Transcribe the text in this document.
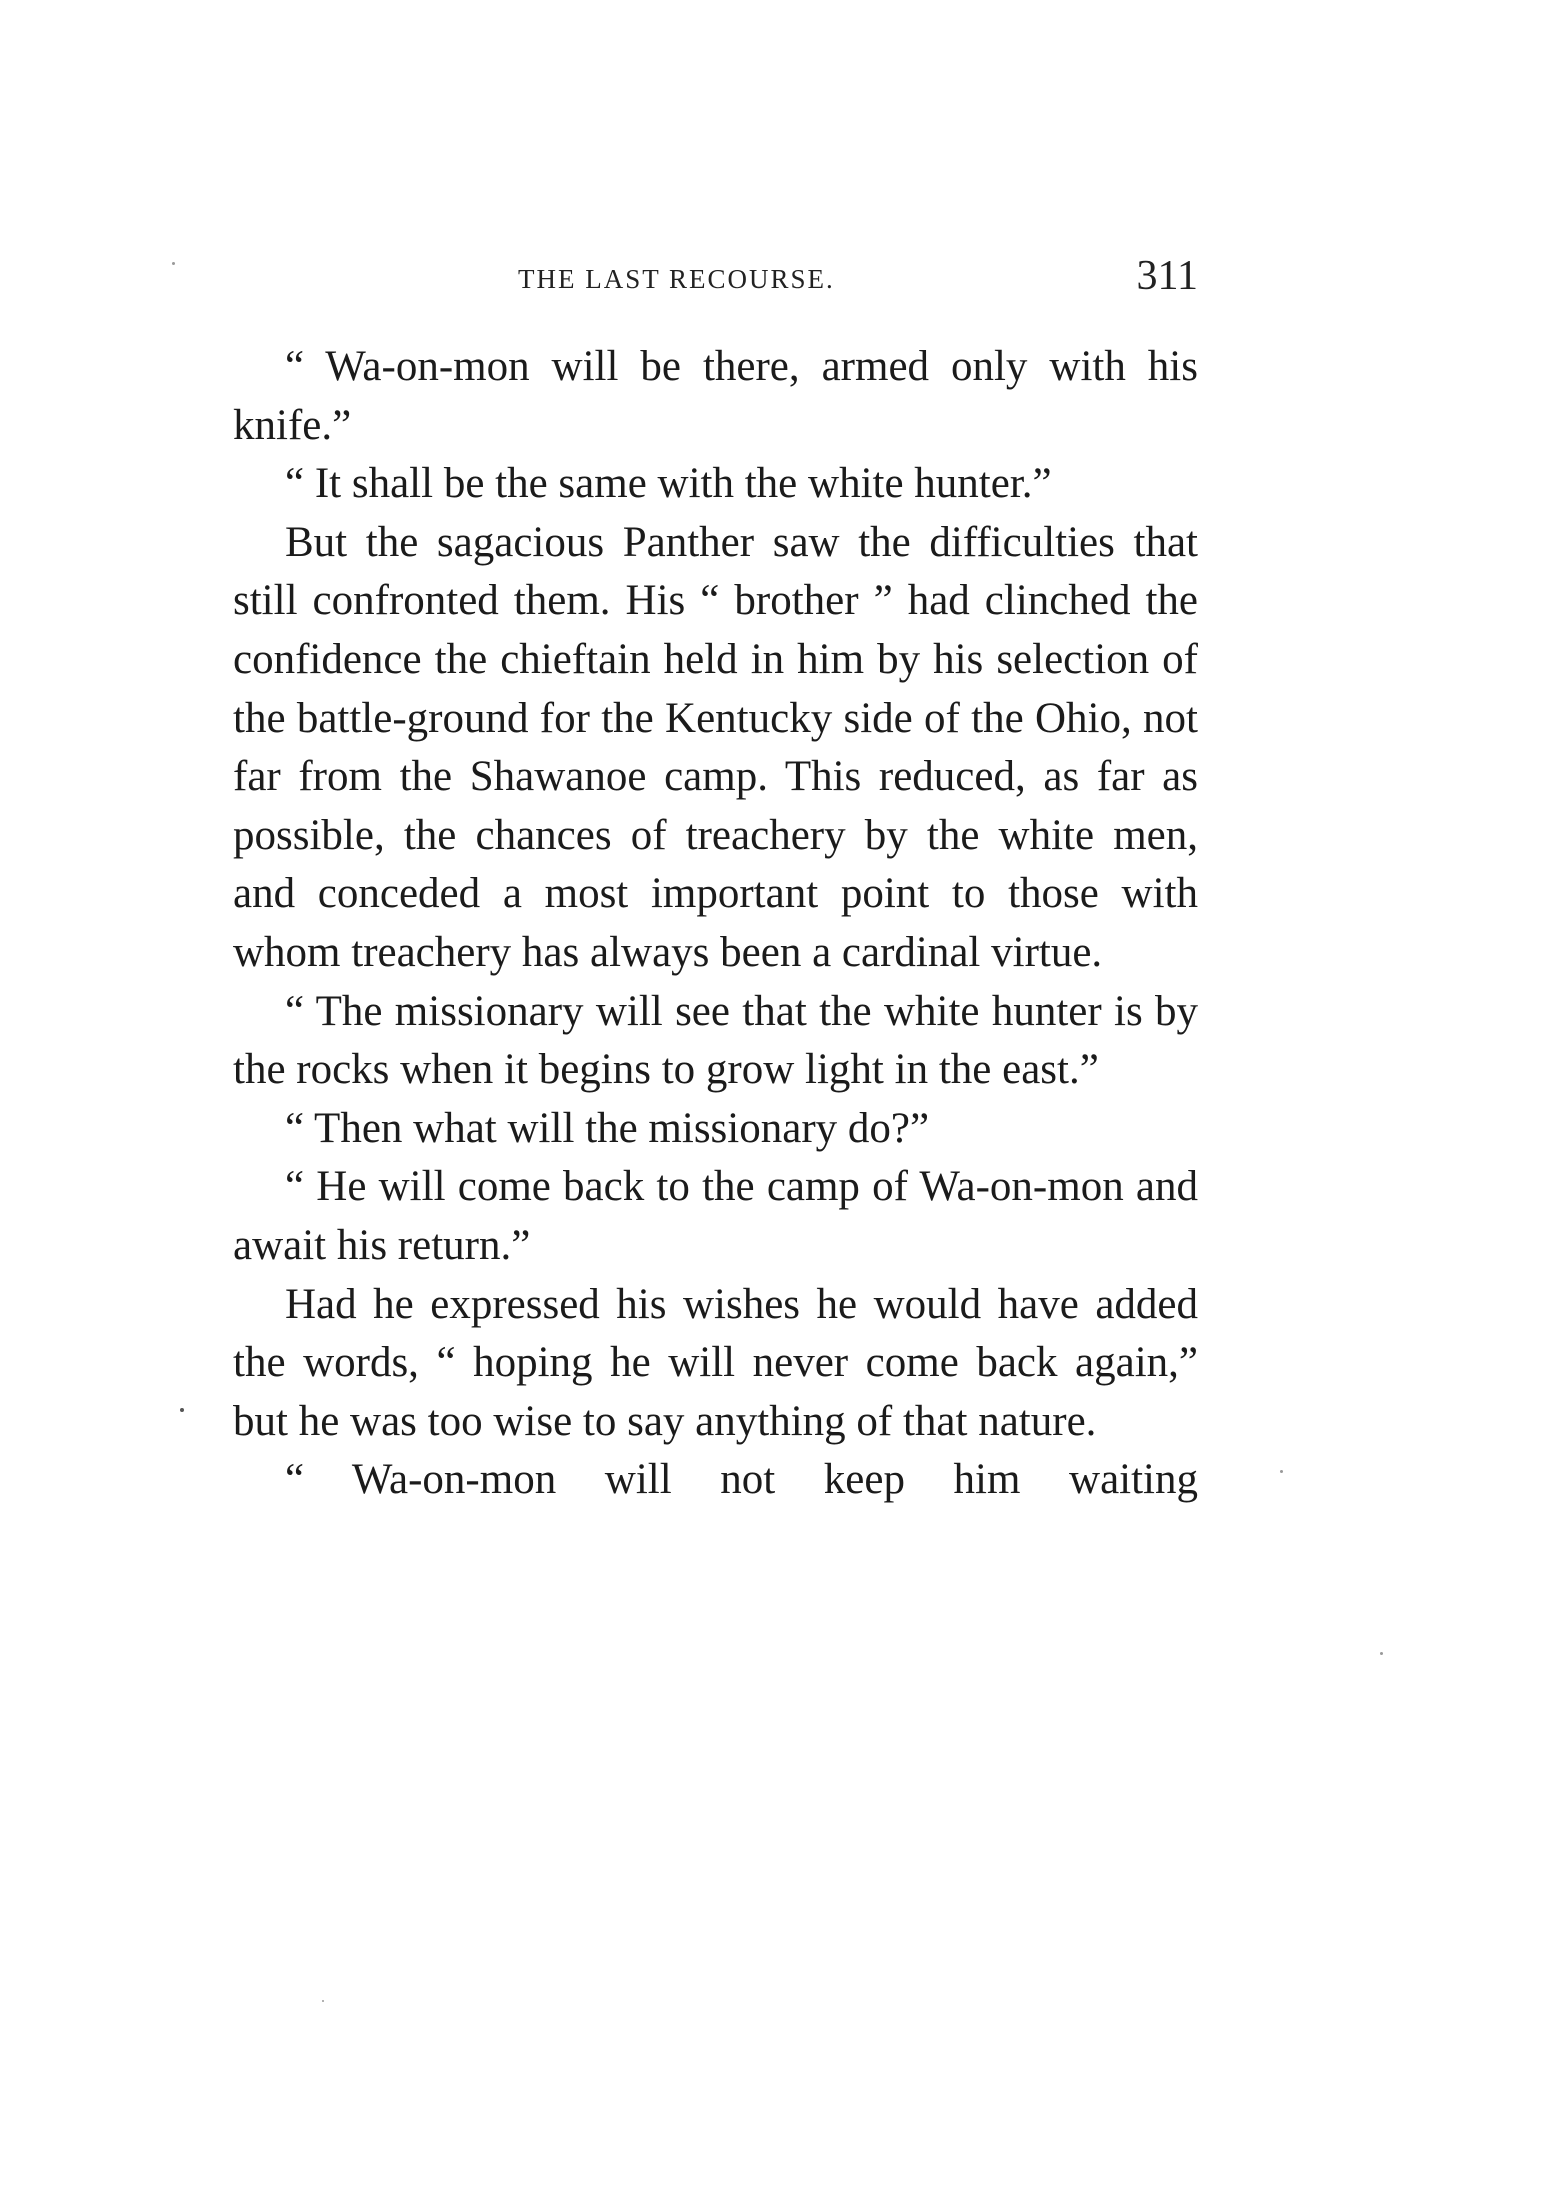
THE LAST RECOURSE.	311

“ Wa-on-mon will be there, armed only with his knife.”

“ It shall be the same with the white hunter.”

But the sagacious Panther saw the difficulties that still confronted them. His “ brother ” had clinched the confidence the chieftain held in him by his selection of the battle-ground for the Kentucky side of the Ohio, not far from the Shawanoe camp. This reduced, as far as possible, the chances of treachery by the white men, and conceded a most important point to those with whom treachery has always been a cardinal virtue.

“ The missionary will see that the white hunter is by the rocks when it begins to grow light in the east.”

“ Then what will the missionary do?”

“ He will come back to the camp of Wa-on-mon and await his return.”

Had he expressed his wishes he would have added the words, “ hoping he will never come back again,” but he was too wise to say anything of that nature.

“ Wa-on-mon will not keep him waiting
